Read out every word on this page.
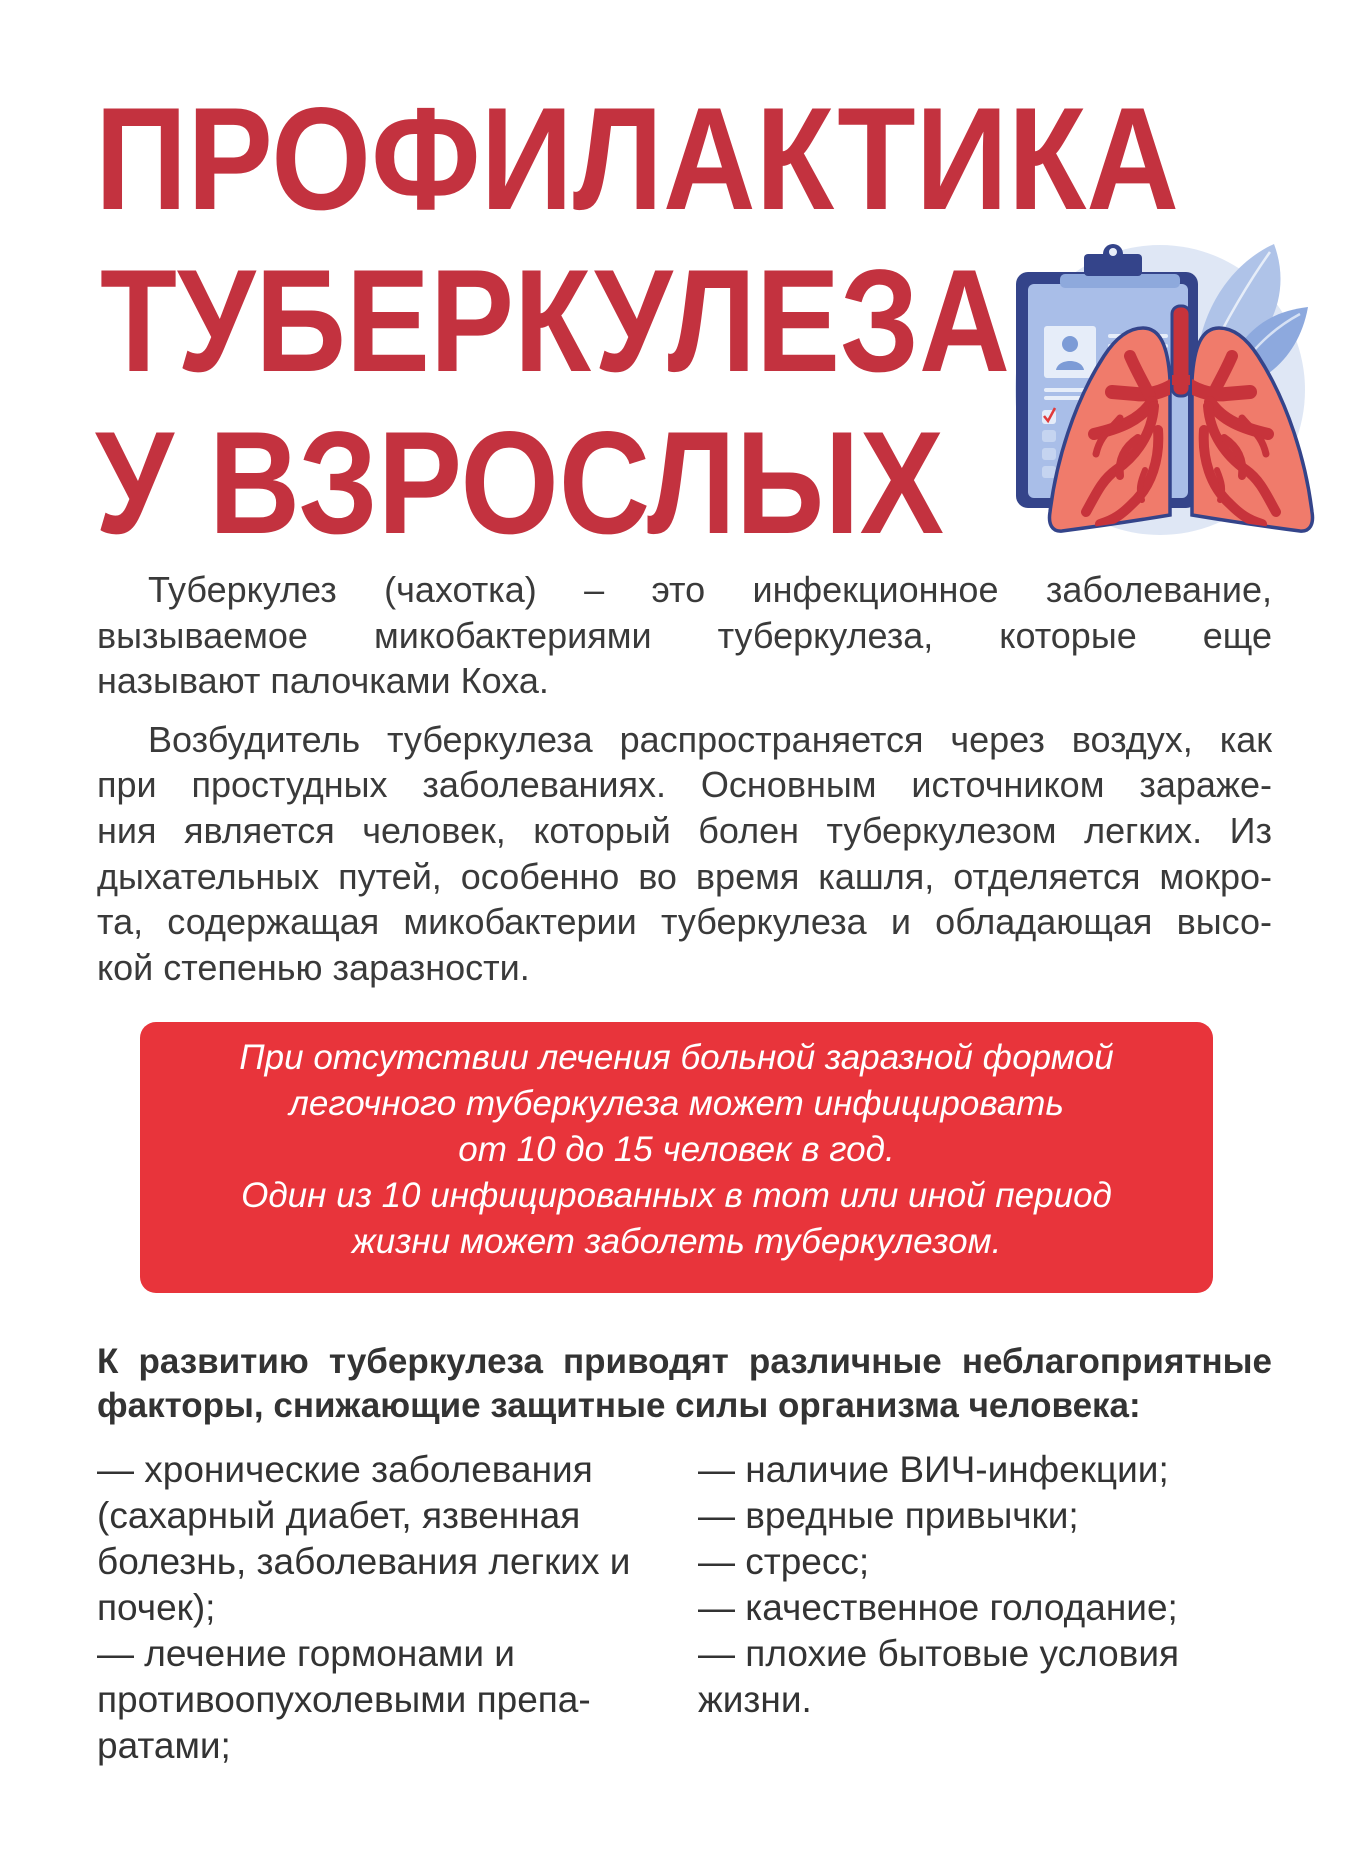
ПРОФИЛАКТИКА
ТУБЕРКУЛЕЗА
У ВЗРОСЛЫХ
Туберкулез (чахотка) – это инфекционное заболевание,
вызываемое микобактериями туберкулеза, которые еще
называют палочками Коха.
Возбудитель туберкулеза распространяется через воздух, как
при простудных заболеваниях. Основным источником зараже-
ния является человек, который болен туберкулезом легких. Из
дыхательных путей, особенно во время кашля, отделяется мокро-
та, содержащая микобактерии туберкулеза и обладающая высо-
кой степенью заразности.
При отсутствии лечения больной заразной формой
легочного туберкулеза может инфицировать
от 10 до 15 человек в год.
Один из 10 инфицированных в тот или иной период
жизни может заболеть туберкулезом.
К развитию туберкулеза приводят различные неблагоприятные
факторы, снижающие защитные силы организма человека:
— хронические заболевания
(сахарный диабет, язвенная
болезнь, заболевания легких и
почек);
— лечение гормонами и
противоопухолевыми препа-
ратами;
— наличие ВИЧ-инфекции;
— вредные привычки;
— стресс;
— качественное голодание;
— плохие бытовые условия
жизни.
